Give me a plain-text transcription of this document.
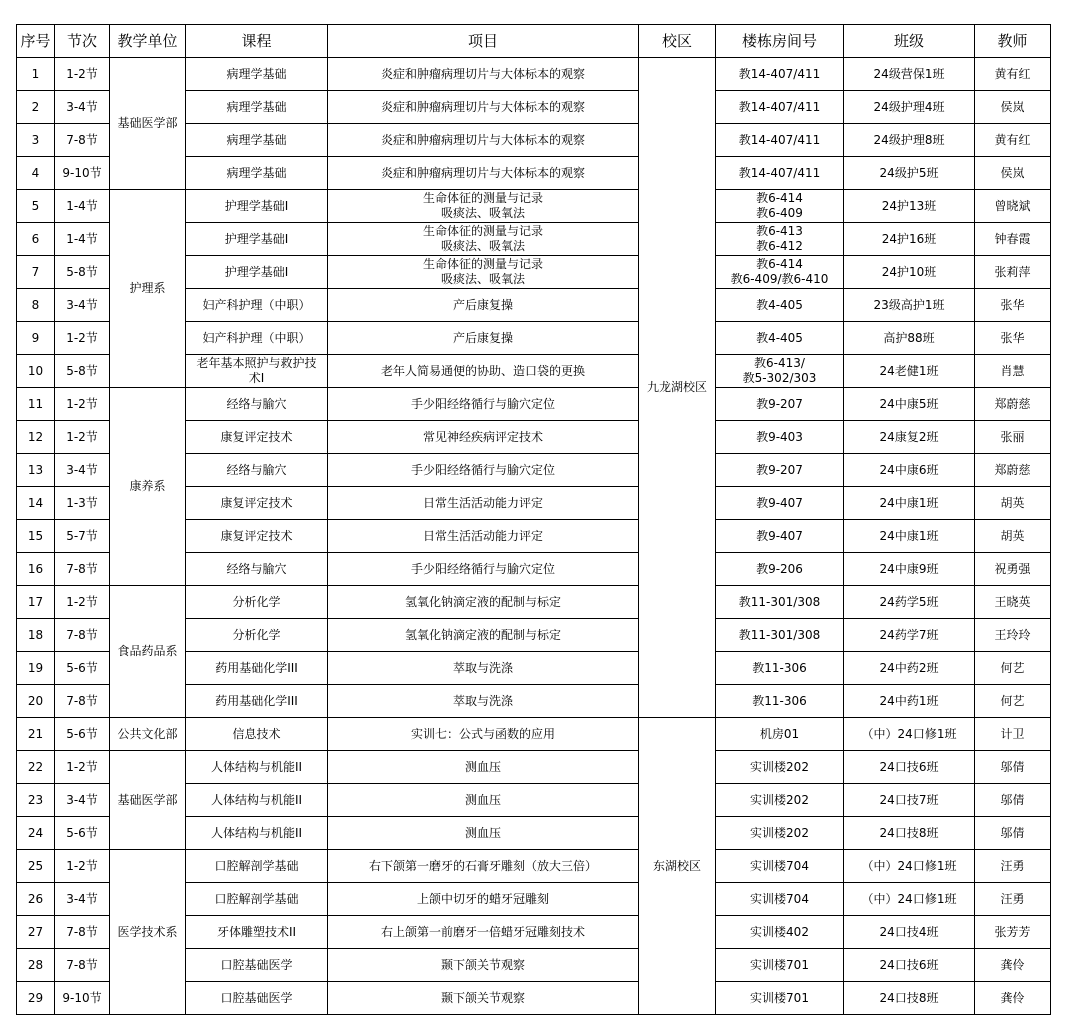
序号	节次	教学单位	课程	项目	校区	楼栋房间号	班级	教师
1	1-2节	基础医学部	病理学基础	炎症和肿瘤病理切片与大体标本的观察	九龙湖校区	教14-407/411	24级营保1班	黄有红
2	3-4节		病理学基础	炎症和肿瘤病理切片与大体标本的观察		教14-407/411	24级护理4班	侯岚
3	7-8节		病理学基础	炎症和肿瘤病理切片与大体标本的观察		教14-407/411	24级护理8班	黄有红
4	9-10节		病理学基础	炎症和肿瘤病理切片与大体标本的观察		教14-407/411	24级护5班	侯岚
5	1-4节	护理系	护理学基础I	生命体征的测量与记录
吸痰法、吸氧法		教6-414
教6-409	24护13班	曾晓斌
6	1-4节		护理学基础I	生命体征的测量与记录
吸痰法、吸氧法		教6-413
教6-412	24护16班	钟春霞
7	5-8节		护理学基础I	生命体征的测量与记录
吸痰法、吸氧法		教6-414
教6-409/教6-410	24护10班	张莉萍
8	3-4节		妇产科护理（中职）	产后康复操		教4-405	23级高护1班	张华
9	1-2节		妇产科护理（中职）	产后康复操		教4-405	高护88班	张华
10	5-8节		老年基本照护与救护技
术I	老年人简易通便的协助、造口袋的更换		教6-413/
教5-302/303	24老健1班	肖慧
11	1-2节	康养系	经络与腧穴	手少阳经络循行与腧穴定位		教9-207	24中康5班	郑蔚慈
12	1-2节		康复评定技术	常见神经疾病评定技术		教9-403	24康复2班	张丽
13	3-4节		经络与腧穴	手少阳经络循行与腧穴定位		教9-207	24中康6班	郑蔚慈
14	1-3节		康复评定技术	日常生活活动能力评定		教9-407	24中康1班	胡英
15	5-7节		康复评定技术	日常生活活动能力评定		教9-407	24中康1班	胡英
16	7-8节		经络与腧穴	手少阳经络循行与腧穴定位		教9-206	24中康9班	祝勇强
17	1-2节	食品药品系	分析化学	氢氧化钠滴定液的配制与标定		教11-301/308	24药学5班	王晓英
18	7-8节		分析化学	氢氧化钠滴定液的配制与标定		教11-301/308	24药学7班	王玲玲
19	5-6节		药用基础化学III	萃取与洗涤		教11-306	24中药2班	何艺
20	7-8节		药用基础化学III	萃取与洗涤		教11-306	24中药1班	何艺
21	5-6节	公共文化部	信息技术	实训七：公式与函数的应用	东湖校区	机房01	（中）24口修1班	计卫
22	1-2节	基础医学部	人体结构与机能II	测血压		实训楼202	24口技6班	邬倩
23	3-4节		人体结构与机能II	测血压		实训楼202	24口技7班	邬倩
24	5-6节		人体结构与机能II	测血压		实训楼202	24口技8班	邬倩
25	1-2节	医学技术系	口腔解剖学基础	右下颌第一磨牙的石膏牙雕刻（放大三倍）		实训楼704	（中）24口修1班	汪勇
26	3-4节		口腔解剖学基础	上颌中切牙的蜡牙冠雕刻		实训楼704	（中）24口修1班	汪勇
27	7-8节		牙体雕塑技术II	右上颌第一前磨牙一倍蜡牙冠雕刻技术		实训楼402	24口技4班	张芳芳
28	7-8节		口腔基础医学	颞下颌关节观察		实训楼701	24口技6班	龚伶
29	9-10节		口腔基础医学	颞下颌关节观察		实训楼701	24口技8班	龚伶
